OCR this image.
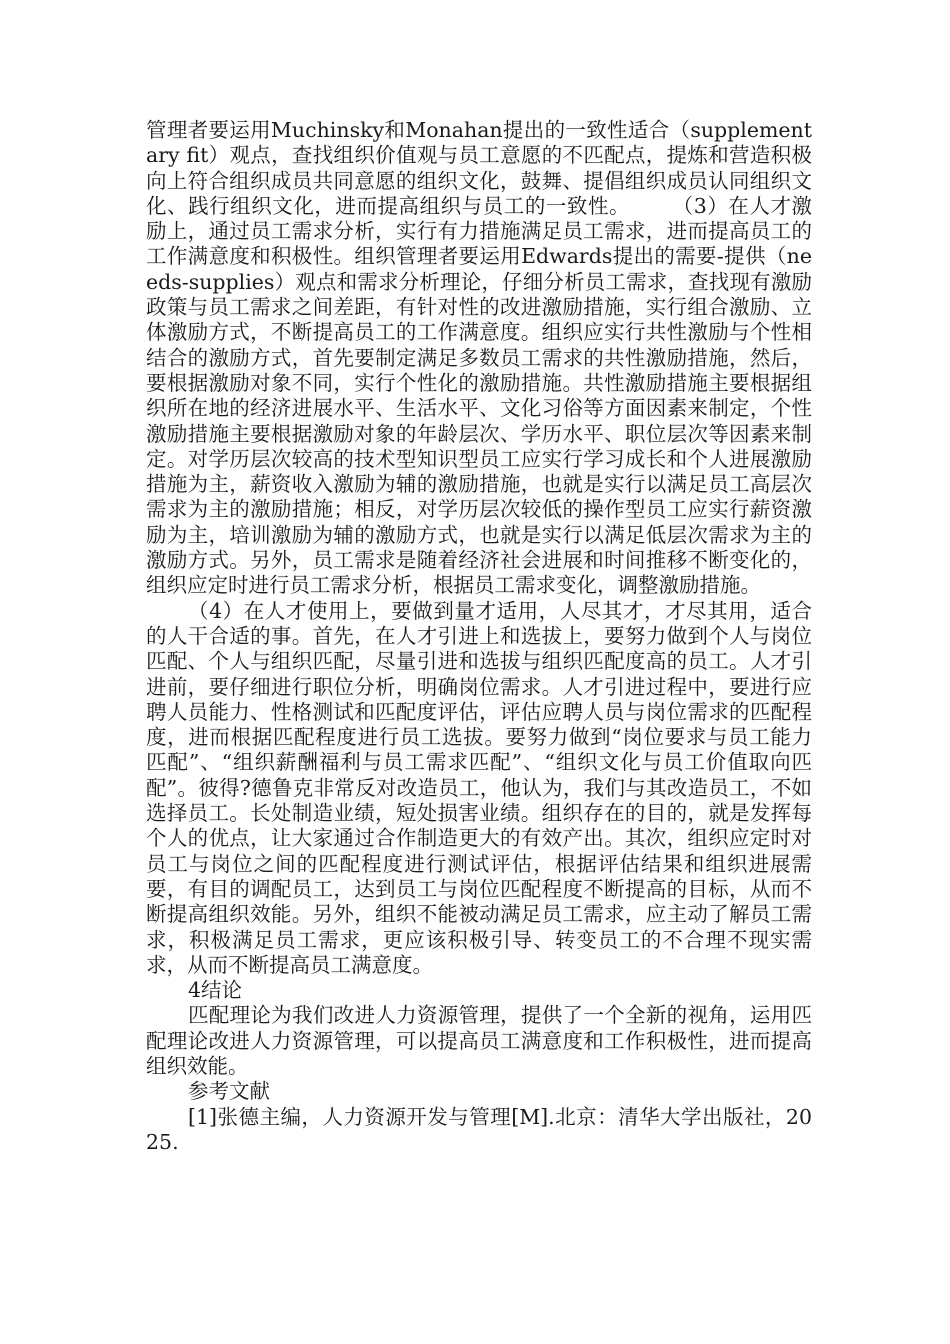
管理者要运用Muchinsky和Monahan提出的一致性适合（supplementary fit）观点，查找组织价值观与员工意愿的不匹配点，提炼和营造积极向上符合组织成员共同意愿的组织文化，鼓舞、提倡组织成员认同组织文化、践行组织文化，进而提高组织与员工的一致性。　　　（3）在人才激励上，通过员工需求分析，实行有力措施满足员工需求，进而提高员工的工作满意度和积极性。组织管理者要运用Edwards提出的需要-提供（needs-supplies）观点和需求分析理论，仔细分析员工需求，查找现有激励政策与员工需求之间差距，有针对性的改进激励措施，实行组合激励、立体激励方式，不断提高员工的工作满意度。组织应实行共性激励与个性相结合的激励方式，首先要制定满足多数员工需求的共性激励措施，然后，要根据激励对象不同，实行个性化的激励措施。共性激励措施主要根据组织所在地的经济进展水平、生活水平、文化习俗等方面因素来制定，个性激励措施主要根据激励对象的年龄层次、学历水平、职位层次等因素来制定。对学历层次较高的技术型知识型员工应实行学习成长和个人进展激励措施为主，薪资收入激励为辅的激励措施，也就是实行以满足员工高层次需求为主的激励措施；相反，对学历层次较低的操作型员工应实行薪资激励为主，培训激励为辅的激励方式，也就是实行以满足低层次需求为主的激励方式。另外，员工需求是随着经济社会进展和时间推移不断变化的，组织应定时进行员工需求分析，根据员工需求变化，调整激励措施。

（4）在人才使用上，要做到量才适用，人尽其才，才尽其用，适合的人干合适的事。首先，在人才引进上和选拔上，要努力做到个人与岗位匹配、个人与组织匹配，尽量引进和选拔与组织匹配度高的员工。人才引进前，要仔细进行职位分析，明确岗位需求。人才引进过程中，要进行应聘人员能力、性格测试和匹配度评估，评估应聘人员与岗位需求的匹配程度，进而根据匹配程度进行员工选拔。要努力做到“岗位要求与员工能力匹配”、“组织薪酬福利与员工需求匹配”、“组织文化与员工价值取向匹配”。彼得?德鲁克非常反对改造员工，他认为，我们与其改造员工，不如选择员工。长处制造业绩，短处损害业绩。组织存在的目的，就是发挥每个人的优点，让大家通过合作制造更大的有效产出。其次，组织应定时对员工与岗位之间的匹配程度进行测试评估，根据评估结果和组织进展需要，有目的调配员工，达到员工与岗位匹配程度不断提高的目标，从而不断提高组织效能。另外，组织不能被动满足员工需求，应主动了解员工需求，积极满足员工需求，更应该积极引导、转变员工的不合理不现实需求，从而不断提高员工满意度。

4结论

匹配理论为我们改进人力资源管理，提供了一个全新的视角，运用匹配理论改进人力资源管理，可以提高员工满意度和工作积极性，进而提高组织效能。

参考文献

[1]张德主编，人力资源开发与管理[M].北京：清华大学出版社，2025.
